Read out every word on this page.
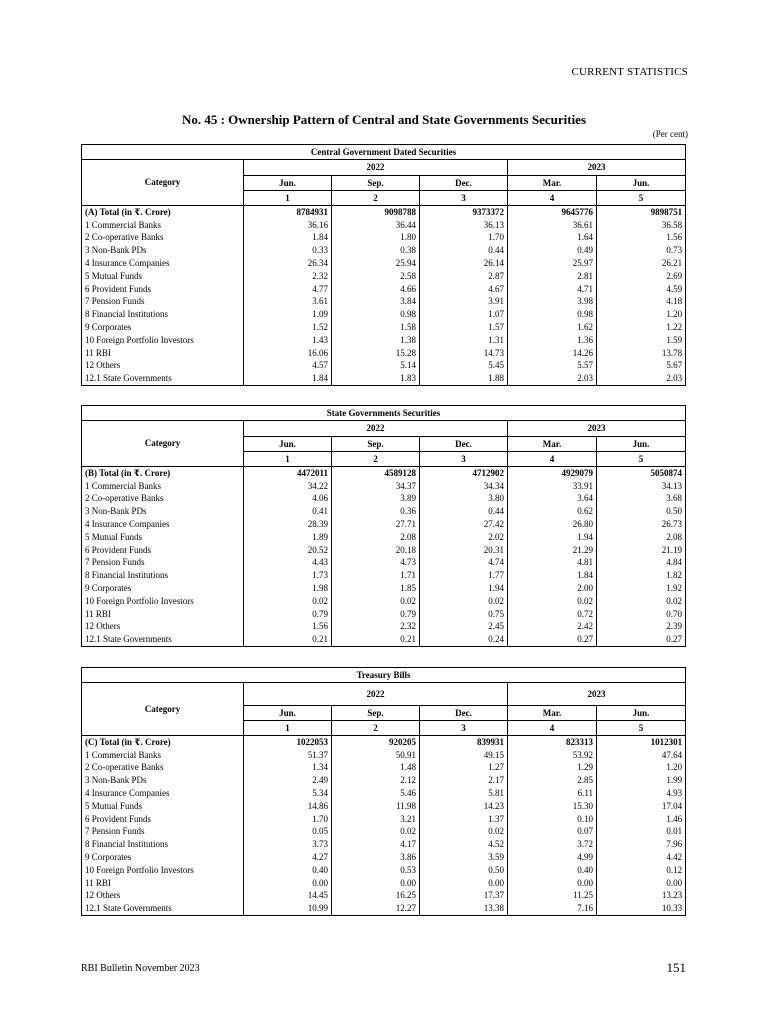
CURRENT STATISTICS
No. 45 : Ownership Pattern of Central and State Governments Securities
(Per cent)
Central Government Dated Securities					
Category	2022			2023	
	Jun.	Sep.	Dec.	Mar.	Jun.
	1	2	3	4	5
(A) Total (in ₹. Crore)	8784931	9098788	9373372	9645776	9898751
1 Commercial Banks	36.16	36.44	36.13	36.61	36.58
2 Co-operative Banks	1.84	1.80	1.70	1.64	1.56
3 Non-Bank PDs	0.33	0.38	0.44	0.49	0.73
4 Insurance Companies	26.34	25.94	26.14	25.97	26.21
5 Mutual Funds	2.32	2.58	2.87	2.81	2.69
6 Provident Funds	4.77	4.66	4.67	4.71	4.59
7 Pension Funds	3.61	3.84	3.91	3.98	4.18
8 Financial Institutions	1.09	0.98	1.07	0.98	1.20
9 Corporates	1.52	1.58	1.57	1.62	1.22
10 Foreign Portfolio Investors	1.43	1.38	1.31	1.36	1.59
11 RBI	16.06	15.28	14.73	14.26	13.78
12 Others	4.57	5.14	5.45	5.57	5.67
12.1 State Governments	1.84	1.83	1.88	2.03	2.03
State Governments Securities					
Category	2022			2023	
	Jun.	Sep.	Dec.	Mar.	Jun.
	1	2	3	4	5
(B) Total (in ₹. Crore)	4472011	4589128	4712902	4929079	5050874
1 Commercial Banks	34.22	34.37	34.34	33.91	34.13
2 Co-operative Banks	4.06	3.89	3.80	3.64	3.68
3 Non-Bank PDs	0.41	0.36	0.44	0.62	0.50
4 Insurance Companies	28.39	27.71	27.42	26.80	26.73
5 Mutual Funds	1.89	2.08	2.02	1.94	2.08
6 Provident Funds	20.52	20.18	20.31	21.29	21.19
7 Pension Funds	4.43	4.73	4.74	4.81	4.84
8 Financial Institutions	1.73	1.71	1.77	1.84	1.82
9 Corporates	1.98	1.85	1.94	2.00	1.92
10 Foreign Portfolio Investors	0.02	0.02	0.02	0.02	0.02
11 RBI	0.79	0.79	0.75	0.72	0.70
12 Others	1.56	2.32	2.45	2.42	2.39
12.1 State Governments	0.21	0.21	0.24	0.27	0.27
Treasury Bills					
Category	2022			2023	
	Jun.	Sep.	Dec.	Mar.	Jun.
	1	2	3	4	5
(C) Total (in ₹. Crore)	1022053	920205	839931	823313	1012301
1 Commercial Banks	51.37	50.91	49.15	53.92	47.64
2 Co-operative Banks	1.34	1.48	1.27	1.29	1.20
3 Non-Bank PDs	2.49	2.12	2.17	2.85	1.99
4 Insurance Companies	5.34	5.46	5.81	6.11	4.93
5 Mutual Funds	14.86	11.98	14.23	15.30	17.04
6 Provident Funds	1.70	3.21	1.37	0.10	1.46
7 Pension Funds	0.05	0.02	0.02	0.07	0.01
8 Financial Institutions	3.73	4.17	4.52	3.72	7.96
9 Corporates	4.27	3.86	3.59	4.99	4.42
10 Foreign Portfolio Investors	0.40	0.53	0.50	0.40	0.12
11 RBI	0.00	0.00	0.00	0.00	0.00
12 Others	14.45	16.25	17.37	11.25	13.23
12.1 State Governments	10.99	12.27	13.38	7.16	10.33
RBI Bulletin November 2023	151
